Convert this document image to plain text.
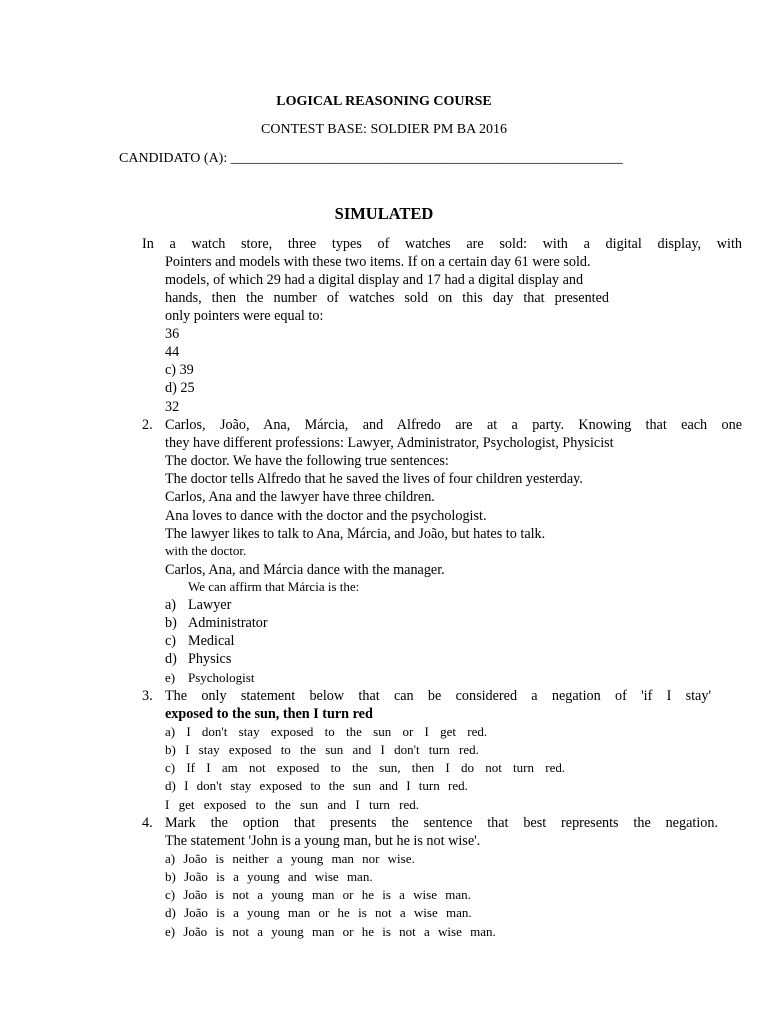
LOGICAL REASONING COURSE
CONTEST BASE: SOLDIER PM BA 2016
CANDIDATO (A): ________________________________________________________
SIMULATED
In a watch store, three types of watches are sold: with a digital display, with
Pointers and models with these two items. If on a certain day 61 were sold.
models, of which 29 had a digital display and 17 had a digital display and
hands, then the number of watches sold on this day that presented
only pointers were equal to:
36
44
c) 39
d) 25
32
2. Carlos, João, Ana, Márcia, and Alfredo are at a party. Knowing that each one
they have different professions: Lawyer, Administrator, Psychologist, Physicist
The doctor. We have the following true sentences:
The doctor tells Alfredo that he saved the lives of four children yesterday.
Carlos, Ana and the lawyer have three children.
Ana loves to dance with the doctor and the psychologist.
The lawyer likes to talk to Ana, Márcia, and João, but hates to talk.
with the doctor.
Carlos, Ana, and Márcia dance with the manager.
We can affirm that Márcia is the:
a) Lawyer
b) Administrator
c) Medical
d) Physics
e) Psychologist
3. The only statement below that can be considered a negation of 'if I stay'
exposed to the sun, then I turn red
a) I don't stay exposed to the sun or I get red.
b) I stay exposed to the sun and I don't turn red.
c) If I am not exposed to the sun, then I do not turn red.
d) I don't stay exposed to the sun and I turn red.
I get exposed to the sun and I turn red.
4. Mark the option that presents the sentence that best represents the negation.
The statement 'John is a young man, but he is not wise'.
a) João is neither a young man nor wise.
b) João is a young and wise man.
c) João is not a young man or he is a wise man.
d) João is a young man or he is not a wise man.
e) João is not a young man or he is not a wise man.
